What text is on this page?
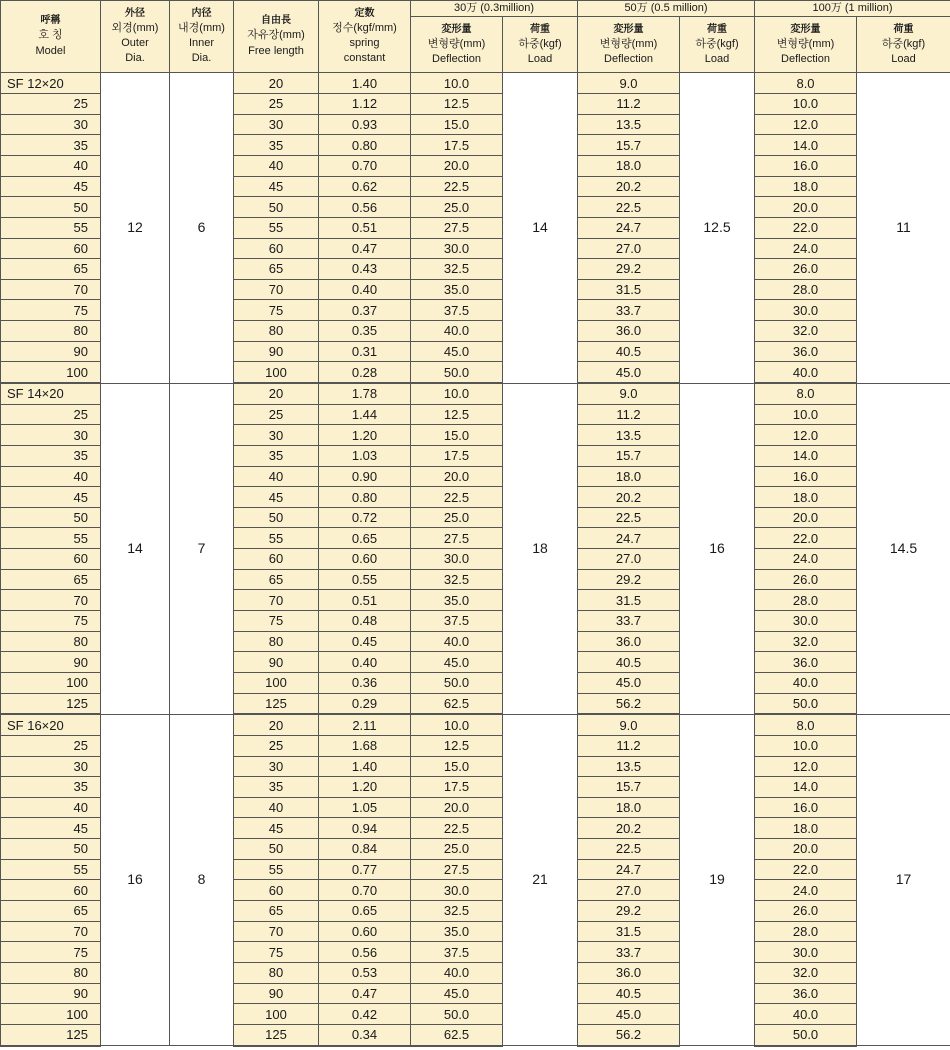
呼稱
호 칭
Model	外径
외경(mm)
Outer
Dia.	内径
내경(mm)
Inner
Dia.	自由長
자유장(mm)
Free length	定数
정수(kgf/mm)
spring
constant	30万 (0.3million)		50万 (0.5 million)		100万 (1 million)	

					変形量
변형량(mm)
Deflection	荷重
하중(kgf)
Load	変形量
변형량(mm)
Deflection	荷重
하중(kgf)
Load	変形量
변형량(mm)
Deflection	荷重
하중(kgf)
Load

SF 12×20	12	6	20	1.40	10.0	14	9.0	12.5	8.0	11
25			25	1.12	12.5		11.2		10.0	
30			30	0.93	15.0		13.5		12.0	
35			35	0.80	17.5		15.7		14.0	
40			40	0.70	20.0		18.0		16.0	
45			45	0.62	22.5		20.2		18.0	
50			50	0.56	25.0		22.5		20.0	
55			55	0.51	27.5		24.7		22.0	
60			60	0.47	30.0		27.0		24.0	
65			65	0.43	32.5		29.2		26.0	
70			70	0.40	35.0		31.5		28.0	
75			75	0.37	37.5		33.7		30.0	
80			80	0.35	40.0		36.0		32.0	
90			90	0.31	45.0		40.5		36.0	
100			100	0.28	50.0		45.0		40.0	
SF 14×20	14	7	20	1.78	10.0	18	9.0	16	8.0	14.5
25			25	1.44	12.5		11.2		10.0	
30			30	1.20	15.0		13.5		12.0	
35			35	1.03	17.5		15.7		14.0	
40			40	0.90	20.0		18.0		16.0	
45			45	0.80	22.5		20.2		18.0	
50			50	0.72	25.0		22.5		20.0	
55			55	0.65	27.5		24.7		22.0	
60			60	0.60	30.0		27.0		24.0	
65			65	0.55	32.5		29.2		26.0	
70			70	0.51	35.0		31.5		28.0	
75			75	0.48	37.5		33.7		30.0	
80			80	0.45	40.0		36.0		32.0	
90			90	0.40	45.0		40.5		36.0	
100			100	0.36	50.0		45.0		40.0	
125			125	0.29	62.5		56.2		50.0	
SF 16×20	16	8	20	2.11	10.0	21	9.0	19	8.0	17
25			25	1.68	12.5		11.2		10.0	
30			30	1.40	15.0		13.5		12.0	
35			35	1.20	17.5		15.7		14.0	
40			40	1.05	20.0		18.0		16.0	
45			45	0.94	22.5		20.2		18.0	
50			50	0.84	25.0		22.5		20.0	
55			55	0.77	27.5		24.7		22.0	
60			60	0.70	30.0		27.0		24.0	
65			65	0.65	32.5		29.2		26.0	
70			70	0.60	35.0		31.5		28.0	
75			75	0.56	37.5		33.7		30.0	
80			80	0.53	40.0		36.0		32.0	
90			90	0.47	45.0		40.5		36.0	
100			100	0.42	50.0		45.0		40.0	
125			125	0.34	62.5		56.2		50.0	
